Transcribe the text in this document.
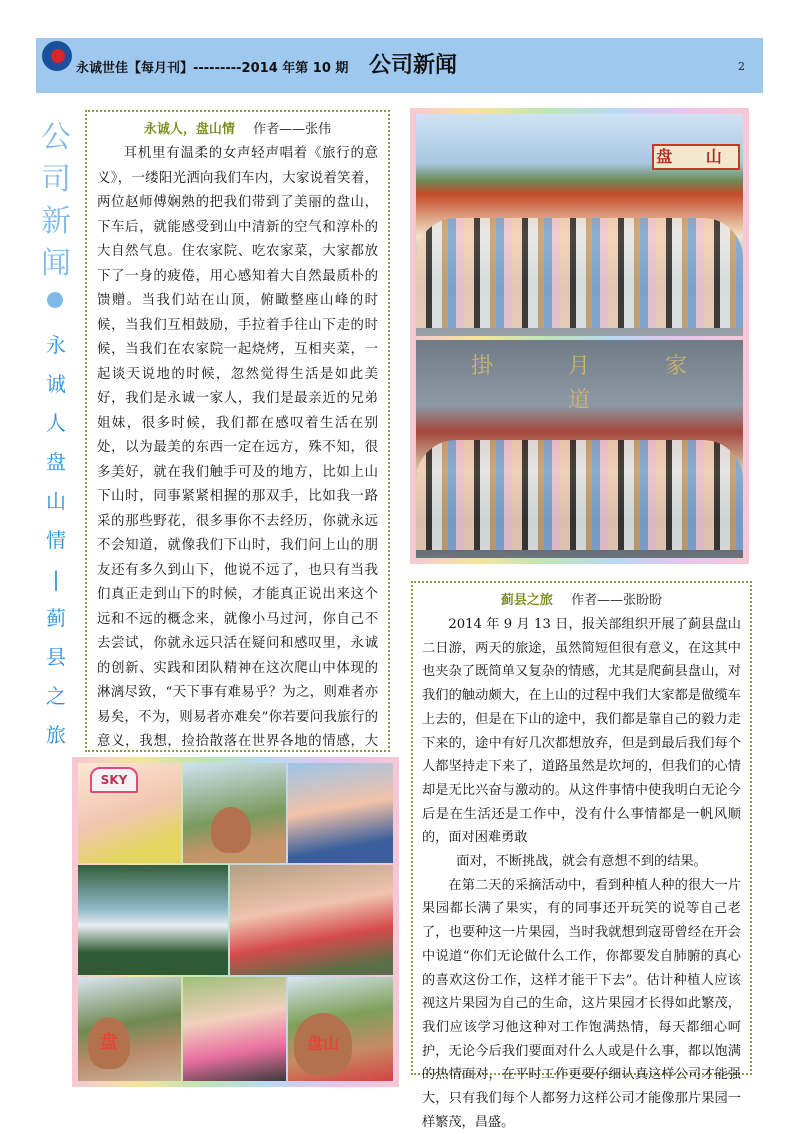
永诚世佳【每月刊】---------2014 年第 10 期 公司新闻	2
公
司
新
闻
永
诚
人
盘
山
情
|
蓟
县
之
旅
永诚人，盘山情 作者——张伟

耳机里有温柔的女声轻声唱着《旅行的意义》，一缕阳光洒向我们车内，大家说着笑着，两位赵师傅娴熟的把我们带到了美丽的盘山，下车后，就能感受到山中清新的空气和淳朴的大自然气息。住农家院、吃农家菜，大家都放下了一身的疲倦，用心感知着大自然最质朴的馈赠。当我们站在山顶，俯瞰整座山峰的时候，当我们互相鼓励，手拉着手往山下走的时候，当我们在农家院一起烧烤，互相夹菜，一起谈天说地的时候，忽然觉得生活是如此美好，我们是永诚一家人，我们是最亲近的兄弟姐妹，很多时候，我们都在感叹着生活在别处，以为最美的东西一定在远方，殊不知，很多美好，就在我们触手可及的地方，比如上山下山时，同事紧紧相握的那双手，比如我一路采的那些野花，很多事你不去经历，你就永远不会知道，就像我们下山时，我们问上山的朋友还有多久到山下，他说不远了，也只有当我们真正走到山下的时候，才能真正说出来这个远和不远的概念来，就像小马过河，你自己不去尝试，你就永远只活在疑问和感叹里，永诚的创新、实践和团队精神在这次爬山中体现的淋漓尽致，“天下事有难易乎？为之，则难者亦易矣，不为，则易者亦难矣”你若要问我旅行的意义，我想，捡拾散落在世界各地的情感，大

盘 山
掛 月 家 道
蓟县之旅 作者——张盼盼

2014 年 9 月 13 日，报关部组织开展了蓟县盘山二日游，两天的旅途，虽然简短但很有意义，在这其中也夹杂了既简单又复杂的情感，尤其是爬蓟县盘山，对我们的触动颇大，在上山的过程中我们大家都是做缆车上去的，但是在下山的途中，我们都是靠自己的毅力走下来的，途中有好几次都想放弃，但是到最后我们每个人都坚持走下来了，道路虽然是坎坷的，但我们的心情却是无比兴奋与激动的。从这件事情中使我明白无论今后是在生活还是工作中，没有什么事情都是一帆风顺的，面对困难勇敢

面对，不断挑战，就会有意想不到的结果。

在第二天的采摘活动中，看到种植人种的很大一片果园都长满了果实，有的同事还开玩笑的说等自己老了，也要种这一片果园，当时我就想到寇哥曾经在开会中说道“你们无论做什么工作，你都要发自肺腑的真心的喜欢这份工作，这样才能干下去”。估计种植人应该视这片果园为自己的生命，这片果园才长得如此繁茂，我们应该学习他这种对工作饱满热情，每天都细心呵护，无论今后我们要面对什么人或是什么事，都以饱满的热情面对，在平时工作更要仔细认真这样公司才能强大，只有我们每个人都努力这样公司才能像那片果园一样繁茂，昌盛。

SKY
盘	盘山
